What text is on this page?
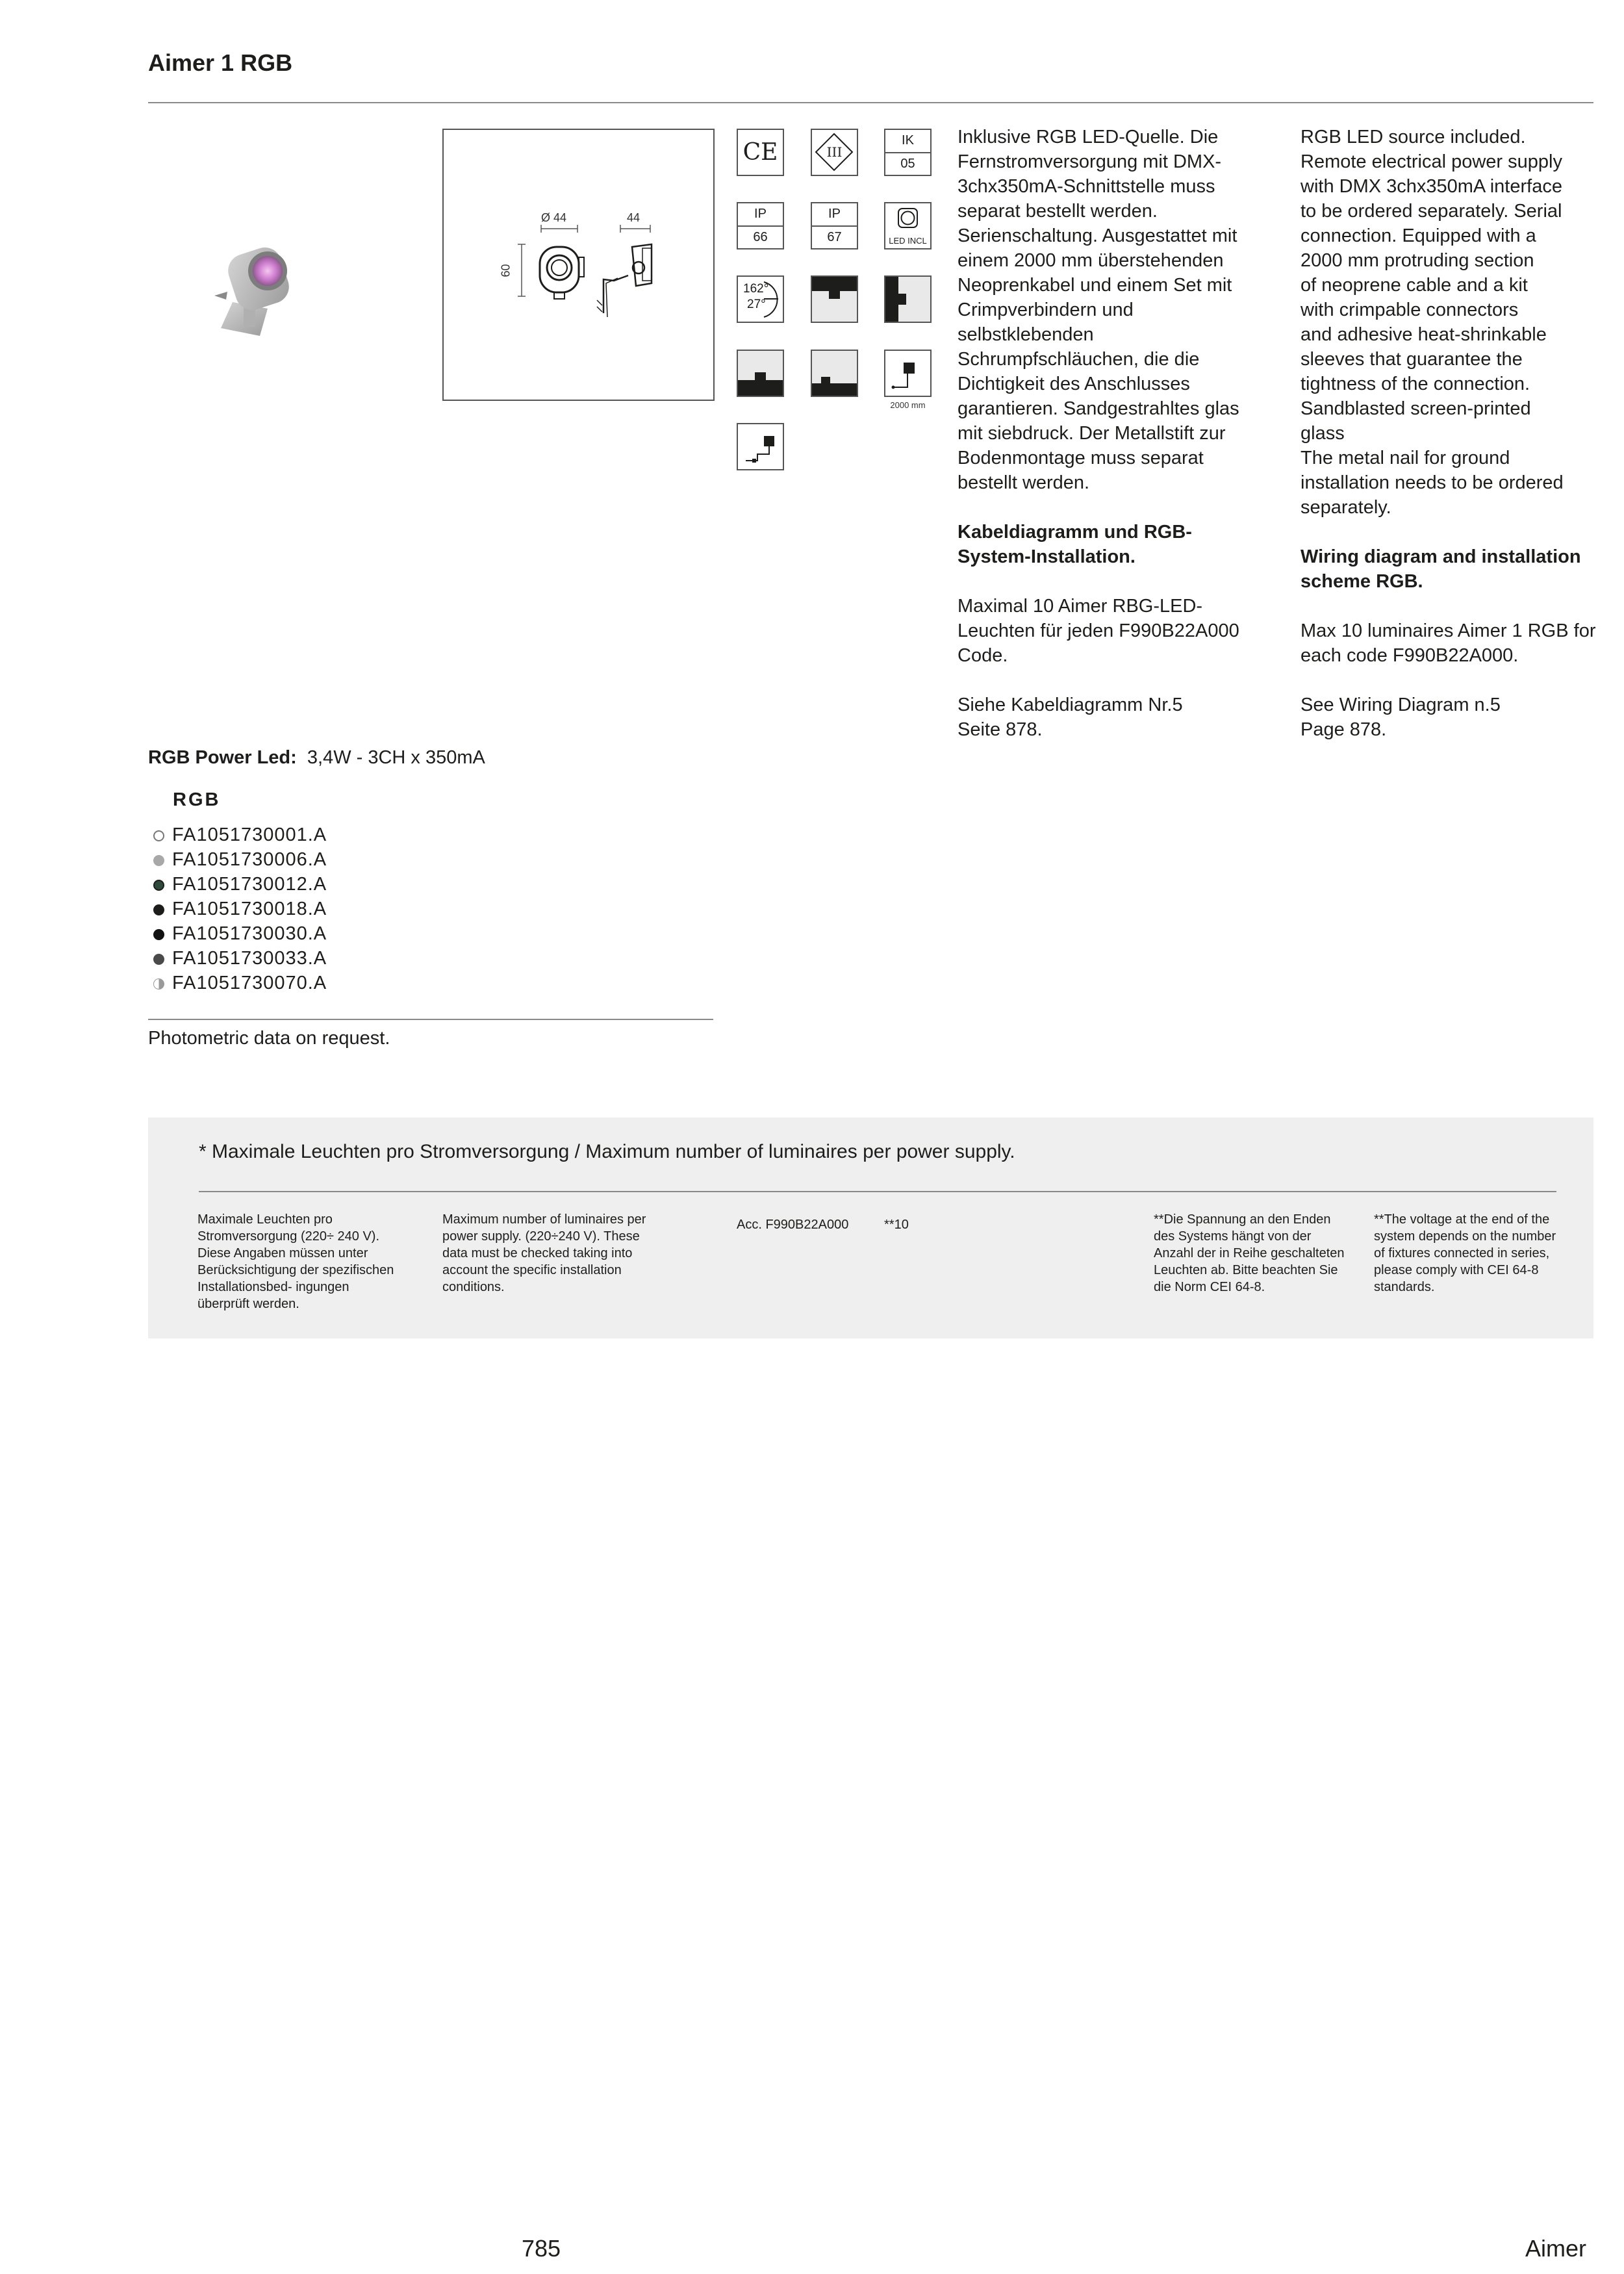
Aimer 1 RGB
Ø 44	44
60
CE	III
IK
05
IP
66
IP
67	LED INCL
162°
27°
2000 mm

Inklusive RGB LED-Quelle. Die Fernstromversorgung mit DMX-3chx350mA-Schnittstelle muss separat bestellt werden. Serienschaltung. Ausgestattet mit einem 2000 mm überstehenden Neoprenkabel und einem Set mit Crimpverbindern und selbstklebenden Schrumpfschläuchen, die die Dichtigkeit des Anschlusses garantieren. Sandgestrahltes glas mit siebdruck. Der Metallstift zur Bodenmontage muss separat bestellt werden.

Kabeldiagramm und RGB-System-Installation.

Maximal 10 Aimer RBG-LED-Leuchten für jeden F990B22A000 Code.

Siehe Kabeldiagramm Nr.5

Seite 878.

RGB LED source included.

Remote electrical power supply

with DMX 3chx350mA interface

to be ordered separately. Serial

connection. Equipped with a

2000 mm protruding section

of neoprene cable and a kit

with crimpable connectors

and adhesive heat-shrinkable

sleeves that guarantee the

tightness of the connection.

Sandblasted screen-printed

glass

The metal nail for ground

installation needs to be ordered

separately.

Wiring diagram and installation scheme RGB.

Max 10 luminaires Aimer 1 RGB for each code F990B22A000.

See Wiring Diagram n.5

Page 878.

RGB Power Led: 3,4W - 3CH x 350mA
RGB
FA1051730001.A
FA1051730006.A
FA1051730012.A
FA1051730018.A
FA1051730030.A
FA1051730033.A
FA1051730070.A
Photometric data on request.
* Maximale Leuchten pro Stromversorgung / Maximum number of luminaires per power supply.
Maximale Leuchten pro Stromversorgung (220÷ 240 V). Diese Angaben müssen unter Berücksichtigung der spezifischen Installationsbed- ingungen überprüft werden.
Maximum number of luminaires per power supply. (220÷240 V). These data must be checked taking into account the specific installation conditions.
Acc. F990B22A000	**10	**Die Spannung an den Enden des Systems hängt von der Anzahl der in Reihe geschalteten Leuchten ab. Bitte beachten Sie die Norm CEI 64-8.
**The voltage at the end of the system depends on the number of fixtures connected in series, please comply with CEI 64-8 standards.
785	Aimer
